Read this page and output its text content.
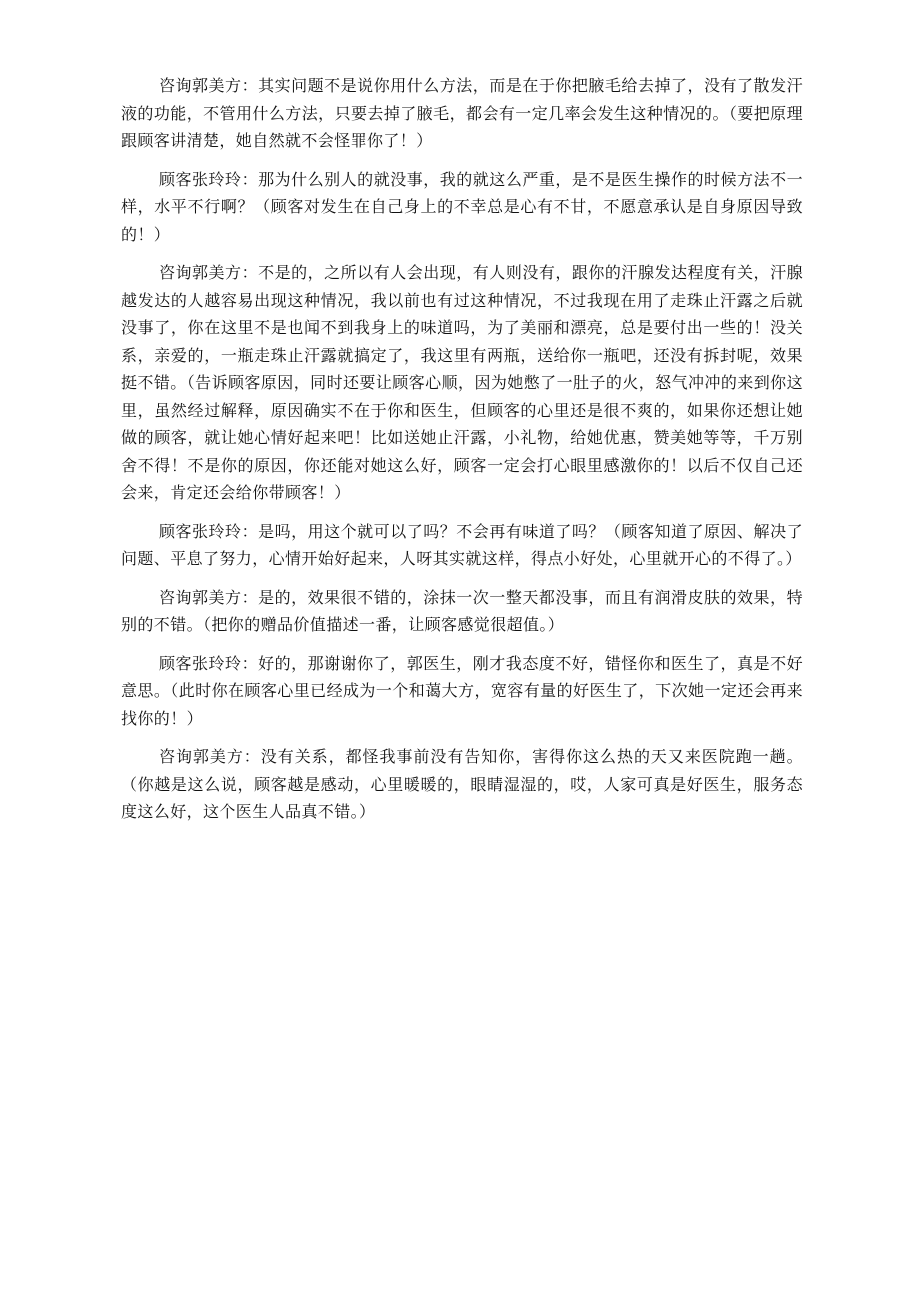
咨询郭美方：其实问题不是说你用什么方法，而是在于你把腋毛给去掉了，没有了散发汗液的功能，不管用什么方法，只要去掉了腋毛，都会有一定几率会发生这种情况的。（要把原理跟顾客讲清楚，她自然就不会怪罪你了！）

顾客张玲玲：那为什么别人的就没事，我的就这么严重，是不是医生操作的时候方法不一样，水平不行啊？（顾客对发生在自己身上的不幸总是心有不甘，不愿意承认是自身原因导致的！）

咨询郭美方：不是的，之所以有人会出现，有人则没有，跟你的汗腺发达程度有关，汗腺越发达的人越容易出现这种情况，我以前也有过这种情况，不过我现在用了走珠止汗露之后就没事了，你在这里不是也闻不到我身上的味道吗，为了美丽和漂亮，总是要付出一些的！没关系，亲爱的，一瓶走珠止汗露就搞定了，我这里有两瓶，送给你一瓶吧，还没有拆封呢，效果挺不错。（告诉顾客原因，同时还要让顾客心顺，因为她憋了一肚子的火，怒气冲冲的来到你这里，虽然经过解释，原因确实不在于你和医生，但顾客的心里还是很不爽的，如果你还想让她做的顾客，就让她心情好起来吧！比如送她止汗露，小礼物，给她优惠，赞美她等等，千万别舍不得！不是你的原因，你还能对她这么好，顾客一定会打心眼里感激你的！以后不仅自己还会来，肯定还会给你带顾客！）

顾客张玲玲：是吗，用这个就可以了吗？不会再有味道了吗？（顾客知道了原因、解决了问题、平息了努力，心情开始好起来，人呀其实就这样，得点小好处，心里就开心的不得了。）

咨询郭美方：是的，效果很不错的，涂抹一次一整天都没事，而且有润滑皮肤的效果，特别的不错。（把你的赠品价值描述一番，让顾客感觉很超值。）

顾客张玲玲：好的，那谢谢你了，郭医生，刚才我态度不好，错怪你和医生了，真是不好意思。（此时你在顾客心里已经成为一个和蔼大方，宽容有量的好医生了，下次她一定还会再来找你的！）

咨询郭美方：没有关系，都怪我事前没有告知你，害得你这么热的天又来医院跑一趟。（你越是这么说，顾客越是感动，心里暖暖的，眼睛湿湿的，哎，人家可真是好医生，服务态度这么好，这个医生人品真不错。）
